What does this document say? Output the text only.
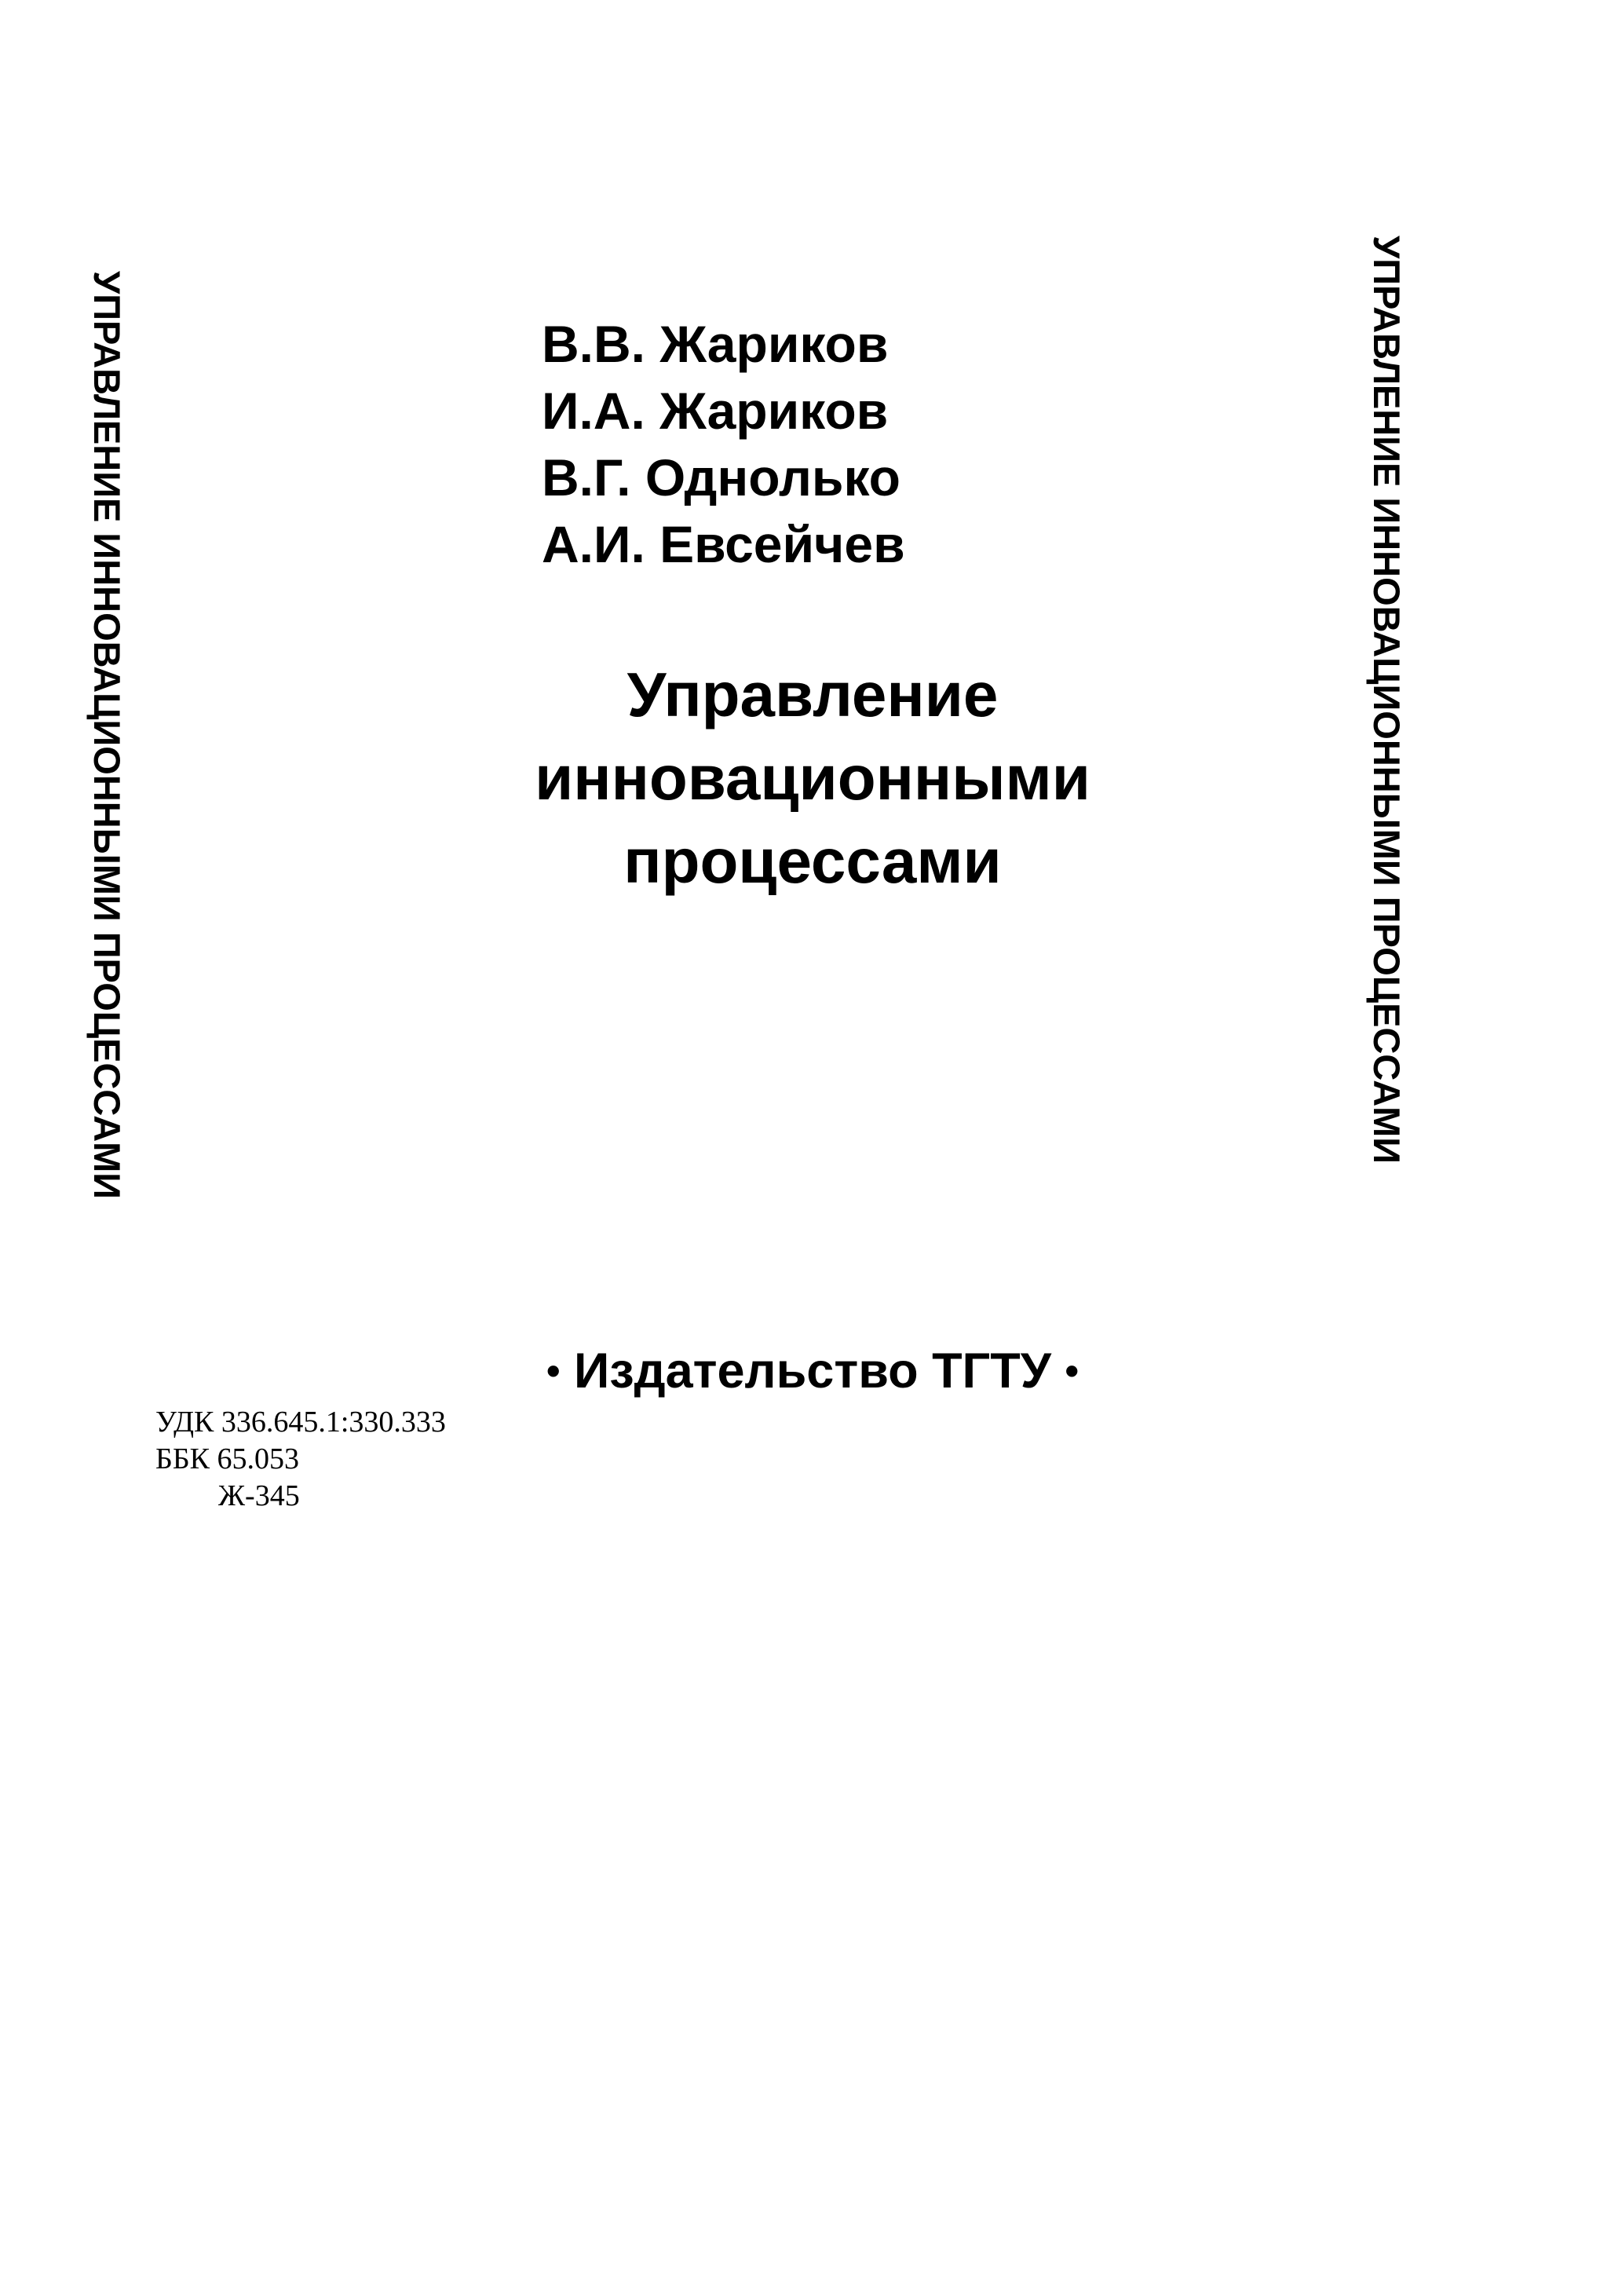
УПРАВЛЕНИЕ ИННОВАЦИОННЫМИ ПРОЦЕССАМИ	УПРАВЛЕНИЕ ИННОВАЦИОННЫМИ ПРОЦЕССАМИ
В.В. Жариков
И.А. Жариков
В.Г. Однолько
А.И. Евсейчев
Управление
инновационными
процессами
• Издательство ТГТУ •
УДК 336.645.1:330.333
ББК 65.053
Ж-345
